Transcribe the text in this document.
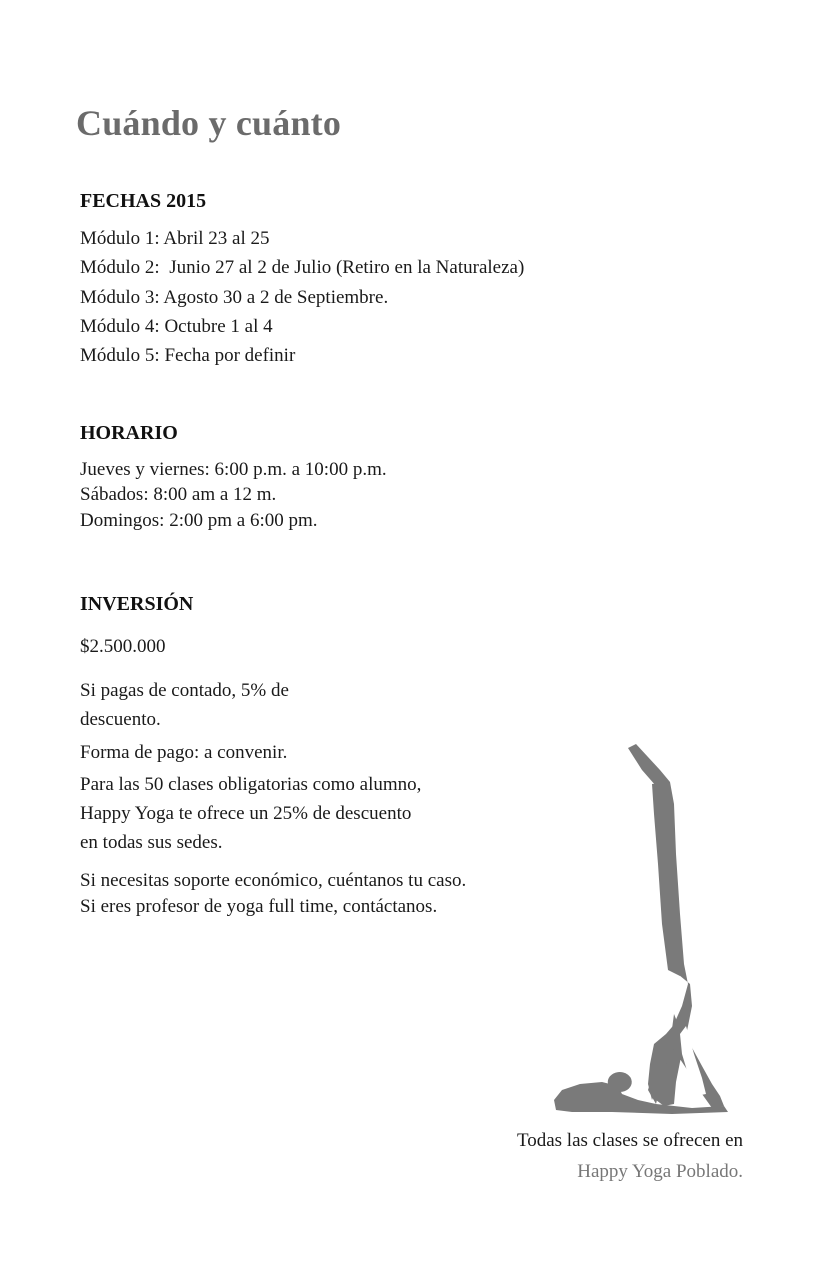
Cuándo y cuánto
FECHAS 2015

Módulo 1: Abril 23 al 25

Módulo 2:  Junio 27 al 2 de Julio (Retiro en la Naturaleza)

Módulo 3: Agosto 30 a 2 de Septiembre.

Módulo 4: Octubre 1 al 4

Módulo 5: Fecha por definir

HORARIO

Jueves y viernes: 6:00 p.m. a 10:00 p.m.

Sábados: 8:00 am a 12 m.

Domingos: 2:00 pm a 6:00 pm.

INVERSIÓN

$2.500.000

Si pagas de contado, 5% de

descuento.

Forma de pago: a convenir.

Para las 50 clases obligatorias como alumno,

Happy Yoga te ofrece un 25% de descuento

en todas sus sedes.

Si necesitas soporte económico, cuéntanos tu caso.

Si eres profesor de yoga full time, contáctanos.

Todas las clases se ofrecen en

Happy Yoga Poblado.
